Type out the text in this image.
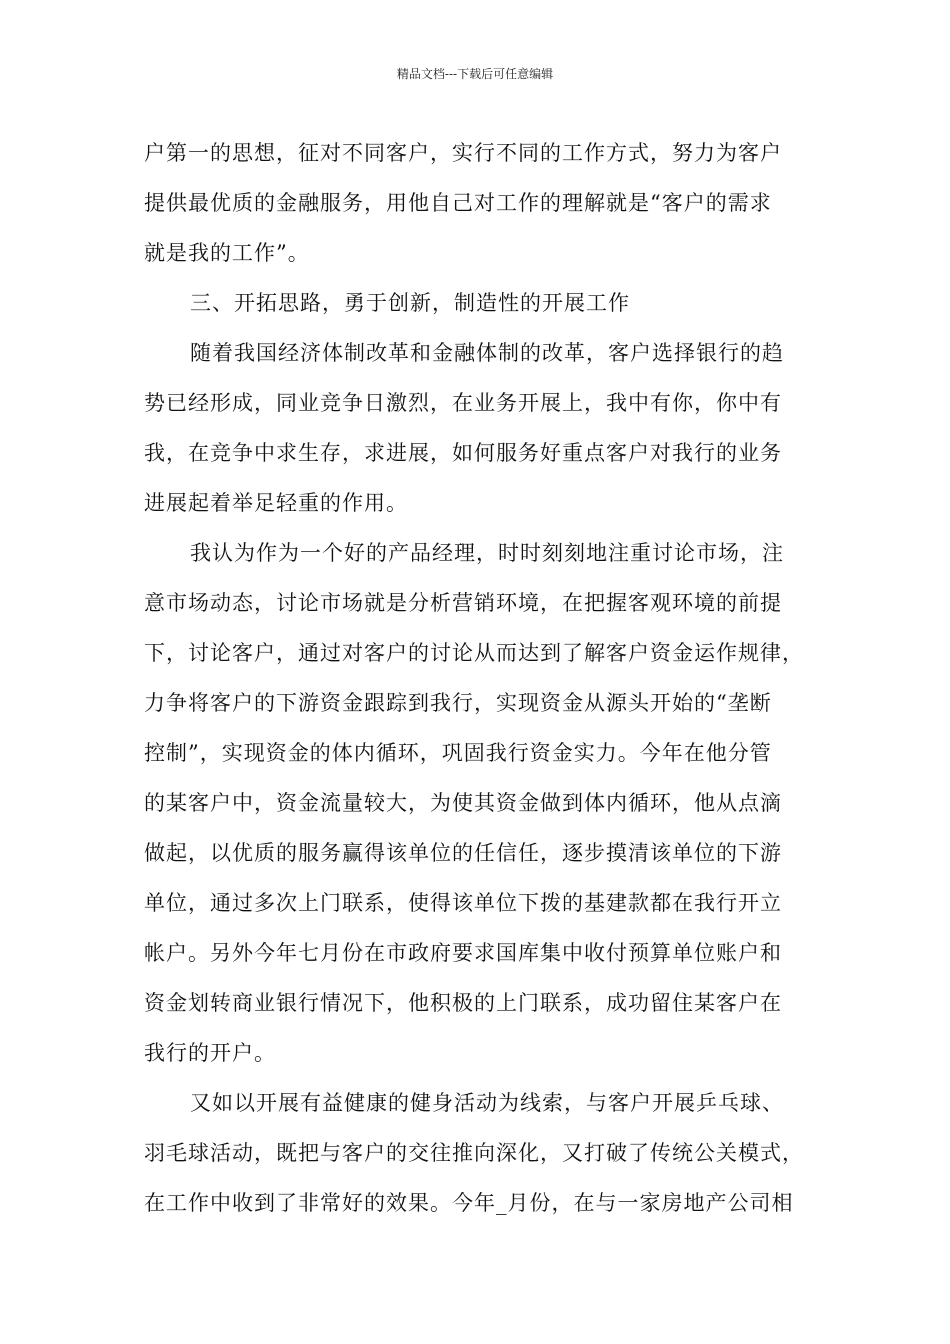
精品文档---下载后可任意编辑
户第一的思想，征对不同客户，实行不同的工作方式，努力为客户
提供最优质的金融服务，用他自己对工作的理解就是“客户的需求
就是我的工作”。
三、开拓思路，勇于创新，制造性的开展工作
随着我国经济体制改革和金融体制的改革，客户选择银行的趋
势已经形成，同业竞争日激烈，在业务开展上，我中有你，你中有
我，在竞争中求生存，求进展，如何服务好重点客户对我行的业务
进展起着举足轻重的作用。
我认为作为一个好的产品经理，时时刻刻地注重讨论市场，注
意市场动态，讨论市场就是分析营销环境，在把握客观环境的前提
下，讨论客户，通过对客户的讨论从而达到了解客户资金运作规律，
力争将客户的下游资金跟踪到我行，实现资金从源头开始的“垄断
控制”，实现资金的体内循环，巩固我行资金实力。今年在他分管
的某客户中，资金流量较大，为使其资金做到体内循环，他从点滴
做起，以优质的服务赢得该单位的任信任，逐步摸清该单位的下游
单位，通过多次上门联系，使得该单位下拨的基建款都在我行开立
帐户。另外今年七月份在市政府要求国库集中收付预算单位账户和
资金划转商业银行情况下，他积极的上门联系，成功留住某客户在
我行的开户。
又如以开展有益健康的健身活动为线索，与客户开展乒乓球、
羽毛球活动，既把与客户的交往推向深化，又打破了传统公关模式，
在工作中收到了非常好的效果。今年_月份，在与一家房地产公司相
